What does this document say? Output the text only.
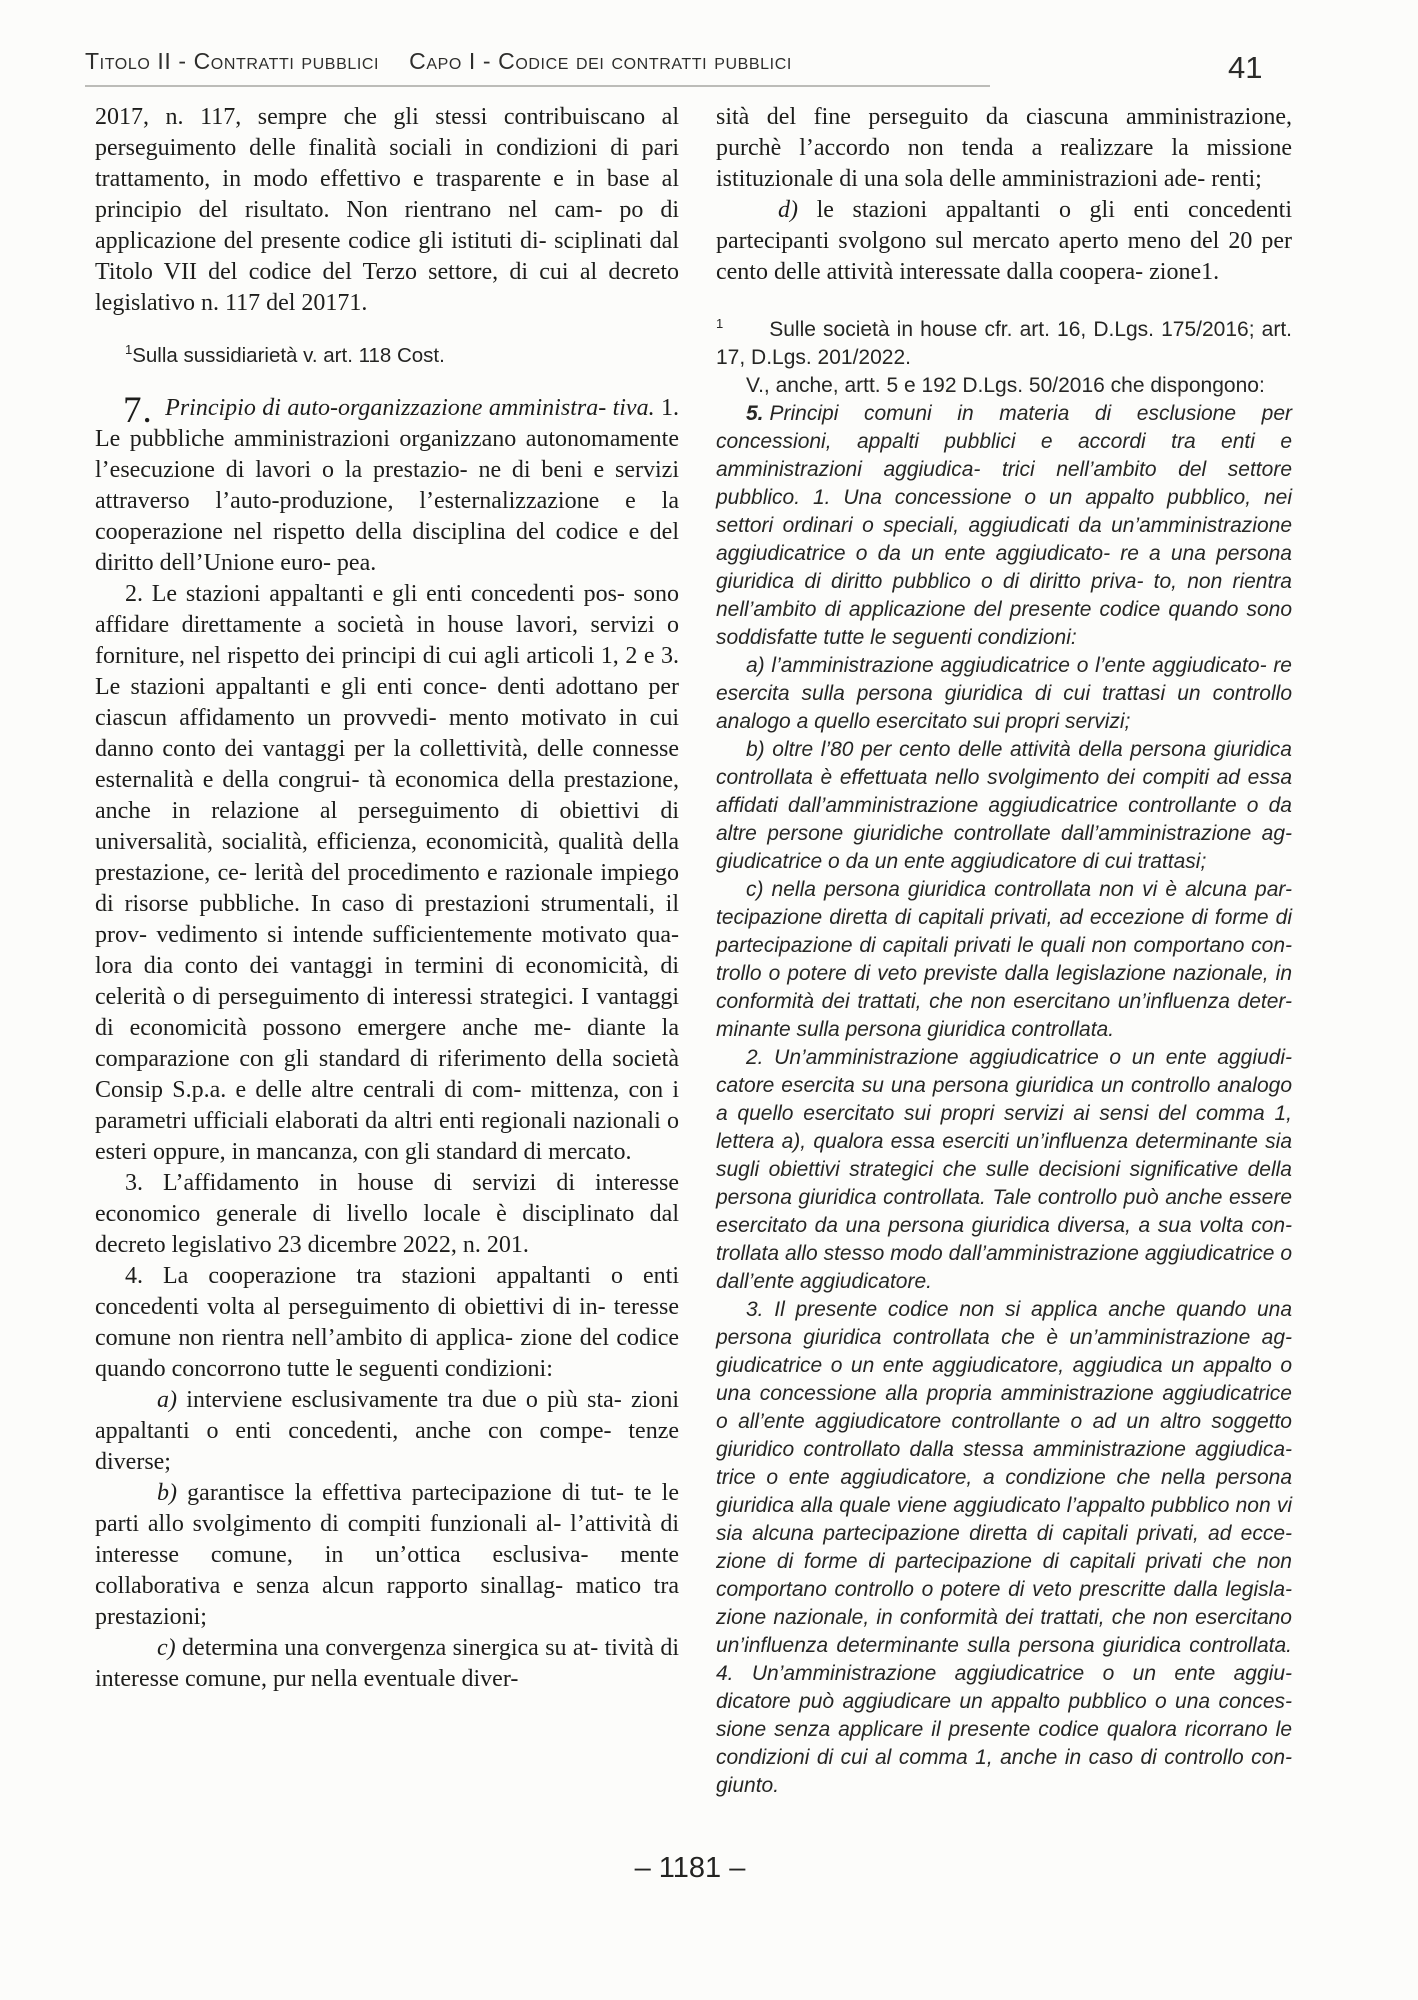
Titolo II - Contratti pubblici Capo I - Codice dei contratti pubblici	41

2017, n. 117, sempre che gli stessi contribuiscano al perseguimento delle finalità sociali in condizioni di pari trattamento, in modo effettivo e trasparente e in base al principio del risultato. Non rientrano nel cam- po di applicazione del presente codice gli istituti di- sciplinati dal Titolo VII del codice del Terzo settore, di cui al decreto legislativo n. 117 del 20171.

$^1$Sulla sussidiarietà v. art. 118 Cost.

7. Principio di auto-organizzazione amministra- tiva. 1. Le pubbliche amministrazioni organizzano autonomamente l’esecuzione di lavori o la prestazio- ne di beni e servizi attraverso l’auto-produzione, l’esternalizzazione e la cooperazione nel rispetto della disciplina del codice e del diritto dell’Unione euro- pea.

2. Le stazioni appaltanti e gli enti concedenti pos- sono affidare direttamente a società in house lavori, servizi o forniture, nel rispetto dei principi di cui agli articoli 1, 2 e 3. Le stazioni appaltanti e gli enti conce- denti adottano per ciascun affidamento un provvedi- mento motivato in cui danno conto dei vantaggi per la collettività, delle connesse esternalità e della congrui- tà economica della prestazione, anche in relazione al perseguimento di obiettivi di universalità, socialità, efficienza, economicità, qualità della prestazione, ce- lerità del procedimento e razionale impiego di risorse pubbliche. In caso di prestazioni strumentali, il prov- vedimento si intende sufficientemente motivato qua- lora dia conto dei vantaggi in termini di economicità, di celerità o di perseguimento di interessi strategici. I vantaggi di economicità possono emergere anche me- diante la comparazione con gli standard di riferimento della società Consip S.p.a. e delle altre centrali di com- mittenza, con i parametri ufficiali elaborati da altri enti regionali nazionali o esteri oppure, in mancanza, con gli standard di mercato.

3. L’affidamento in house di servizi di interesse economico generale di livello locale è disciplinato dal decreto legislativo 23 dicembre 2022, n. 201.

4. La cooperazione tra stazioni appaltanti o enti concedenti volta al perseguimento di obiettivi di in- teresse comune non rientra nell’ambito di applica- zione del codice quando concorrono tutte le seguenti condizioni:

a) interviene esclusivamente tra due o più sta- zioni appaltanti o enti concedenti, anche con compe- tenze diverse;

b) garantisce la effettiva partecipazione di tut- te le parti allo svolgimento di compiti funzionali al- l’attività di interesse comune, in un’ottica esclusiva- mente collaborativa e senza alcun rapporto sinallag- matico tra prestazioni;

c) determina una convergenza sinergica su at- tività di interesse comune, pur nella eventuale diver-

sità del fine perseguito da ciascuna amministrazione, purchè l’accordo non tenda a realizzare la missione istituzionale di una sola delle amministrazioni ade- renti;

d) le stazioni appaltanti o gli enti concedenti partecipanti svolgono sul mercato aperto meno del 20 per cento delle attività interessate dalla coopera- zione1.

$^1$ Sulle società in house cfr. art. 16, D.Lgs. 175/2016; art. 17, D.Lgs. 201/2022.

V., anche, artt. 5 e 192 D.Lgs. 50/2016 che dispongono:

5. Principi comuni in materia di esclusione per concessioni, appalti pubblici e accordi tra enti e amministrazioni aggiudica- trici nell’ambito del settore pubblico. 1. Una concessione o un appalto pubblico, nei settori ordinari o speciali, aggiudicati da un’amministrazione aggiudicatrice o da un ente aggiudicato- re a una persona giuridica di diritto pubblico o di diritto priva- to, non rientra nell’ambito di applicazione del presente codice quando sono soddisfatte tutte le seguenti condizioni:

a) l’amministrazione aggiudicatrice o l’ente aggiudicato- re esercita sulla persona giuridica di cui trattasi un controllo analogo a quello esercitato sui propri servizi;

b) oltre l’80 per cento delle attività della persona giuridica controllata è effettuata nello svolgimento dei compiti ad essa affidati dall’amministrazione aggiudicatrice controllante o da altre persone giuridiche controllate dall’amministrazione ag- giudicatrice o da un ente aggiudicatore di cui trattasi;

c) nella persona giuridica controllata non vi è alcuna par- tecipazione diretta di capitali privati, ad eccezione di forme di partecipazione di capitali privati le quali non comportano con- trollo o potere di veto previste dalla legislazione nazionale, in conformità dei trattati, che non esercitano un’influenza deter- minante sulla persona giuridica controllata.

2. Un’amministrazione aggiudicatrice o un ente aggiudi- catore esercita su una persona giuridica un controllo analogo a quello esercitato sui propri servizi ai sensi del comma 1, lettera a), qualora essa eserciti un’influenza determinante sia sugli obiettivi strategici che sulle decisioni significative della persona giuridica controllata. Tale controllo può anche essere esercitato da una persona giuridica diversa, a sua volta con- trollata allo stesso modo dall’amministrazione aggiudicatrice o dall’ente aggiudicatore.

3. Il presente codice non si applica anche quando una persona giuridica controllata che è un’amministrazione ag- giudicatrice o un ente aggiudicatore, aggiudica un appalto o una concessione alla propria amministrazione aggiudicatrice o all’ente aggiudicatore controllante o ad un altro soggetto giuridico controllato dalla stessa amministrazione aggiudica- trice o ente aggiudicatore, a condizione che nella persona giuridica alla quale viene aggiudicato l’appalto pubblico non vi sia alcuna partecipazione diretta di capitali privati, ad ecce- zione di forme di partecipazione di capitali privati che non comportano controllo o potere di veto prescritte dalla legisla- zione nazionale, in conformità dei trattati, che non esercitano un’influenza determinante sulla persona giuridica controllata. 4. Un’amministrazione aggiudicatrice o un ente aggiu- dicatore può aggiudicare un appalto pubblico o una conces- sione senza applicare il presente codice qualora ricorrano le condizioni di cui al comma 1, anche in caso di controllo con- giunto.

– 1181 –
